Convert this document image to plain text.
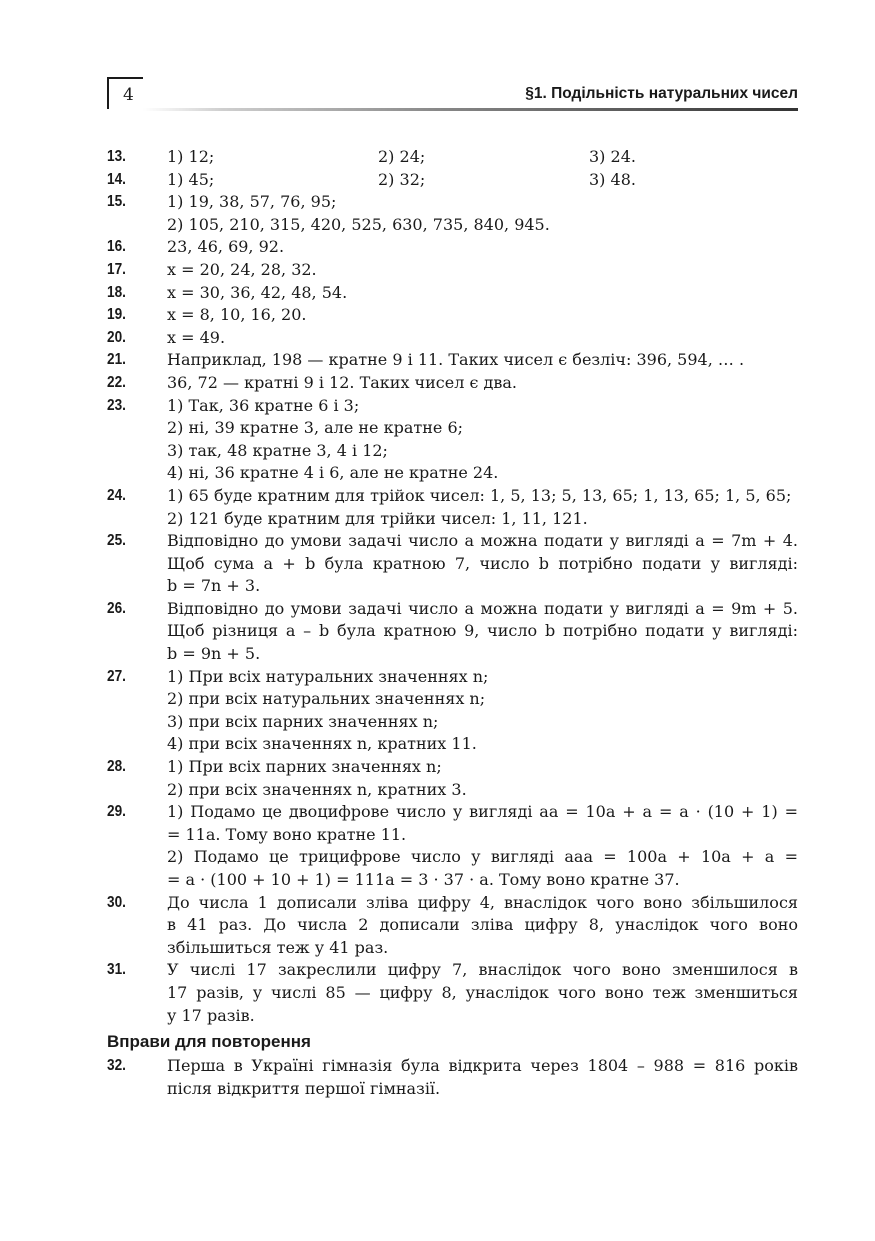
4	§1. Подільність натуральних чисел
13.	1) 12;	2) 24;	3) 24.
14.	1) 45;	2) 32;	3) 48.
15.	1) 19, 38, 57, 76, 95;
2) 105, 210, 315, 420, 525, 630, 735, 840, 945.
16.	23, 46, 69, 92.
17.	x = 20, 24, 28, 32.
18.	x = 30, 36, 42, 48, 54.
19.	x = 8, 10, 16, 20.
20.	x = 49.
21.	Наприклад, 198 — кратне 9 і 11. Таких чисел є безліч: 396, 594, … .
22.	36, 72 — кратні 9 і 12. Таких чисел є два.
23.	1) Так, 36 кратне 6 і 3;
2) ні, 39 кратне 3, але не кратне 6;
3) так, 48 кратне 3, 4 і 12;
4) ні, 36 кратне 4 і 6, але не кратне 24.
24.	1) 65 буде кратним для трійок чисел: 1, 5, 13; 5, 13, 65; 1, 13, 65; 1, 5, 65;
2) 121 буде кратним для трійки чисел: 1, 11, 121.
25.	Відповідно до умови задачі число a можна подати у вигляді a = 7m + 4.
Щоб сума a + b була кратною 7, число b потрібно подати у вигляді:
b = 7n + 3.
26.	Відповідно до умови задачі число a можна подати у вигляді a = 9m + 5.
Щоб різниця a – b була кратною 9, число b потрібно подати у вигляді:
b = 9n + 5.
27.	1) При всіх натуральних значеннях n;
2) при всіх натуральних значеннях n;
3) при всіх парних значеннях n;
4) при всіх значеннях n, кратних 11.
28.	1) При всіх парних значеннях n;
2) при всіх значеннях n, кратних 3.
29.	1) Подамо це двоцифрове число у вигляді aa = 10a + a = a · (10 + 1) =
= 11a. Тому воно кратне 11.
2) Подамо це трицифрове число у вигляді aaa = 100a + 10a + a =
= a · (100 + 10 + 1) = 111a = 3 · 37 · a. Тому воно кратне 37.
30.	До числа 1 дописали зліва цифру 4, внаслідок чого воно збільшилося
в 41 раз. До числа 2 дописали зліва цифру 8, унаслідок чого воно
збільшиться теж у 41 раз.
31.	У числі 17 закреслили цифру 7, внаслідок чого воно зменшилося в
17 разів, у числі 85 — цифру 8, унаслідок чого воно теж зменшиться
у 17 разів.
Вправи для повторення
32.	Перша в Україні гімназія була відкрита через 1804 – 988 = 816 років
після відкриття першої гімназії.
